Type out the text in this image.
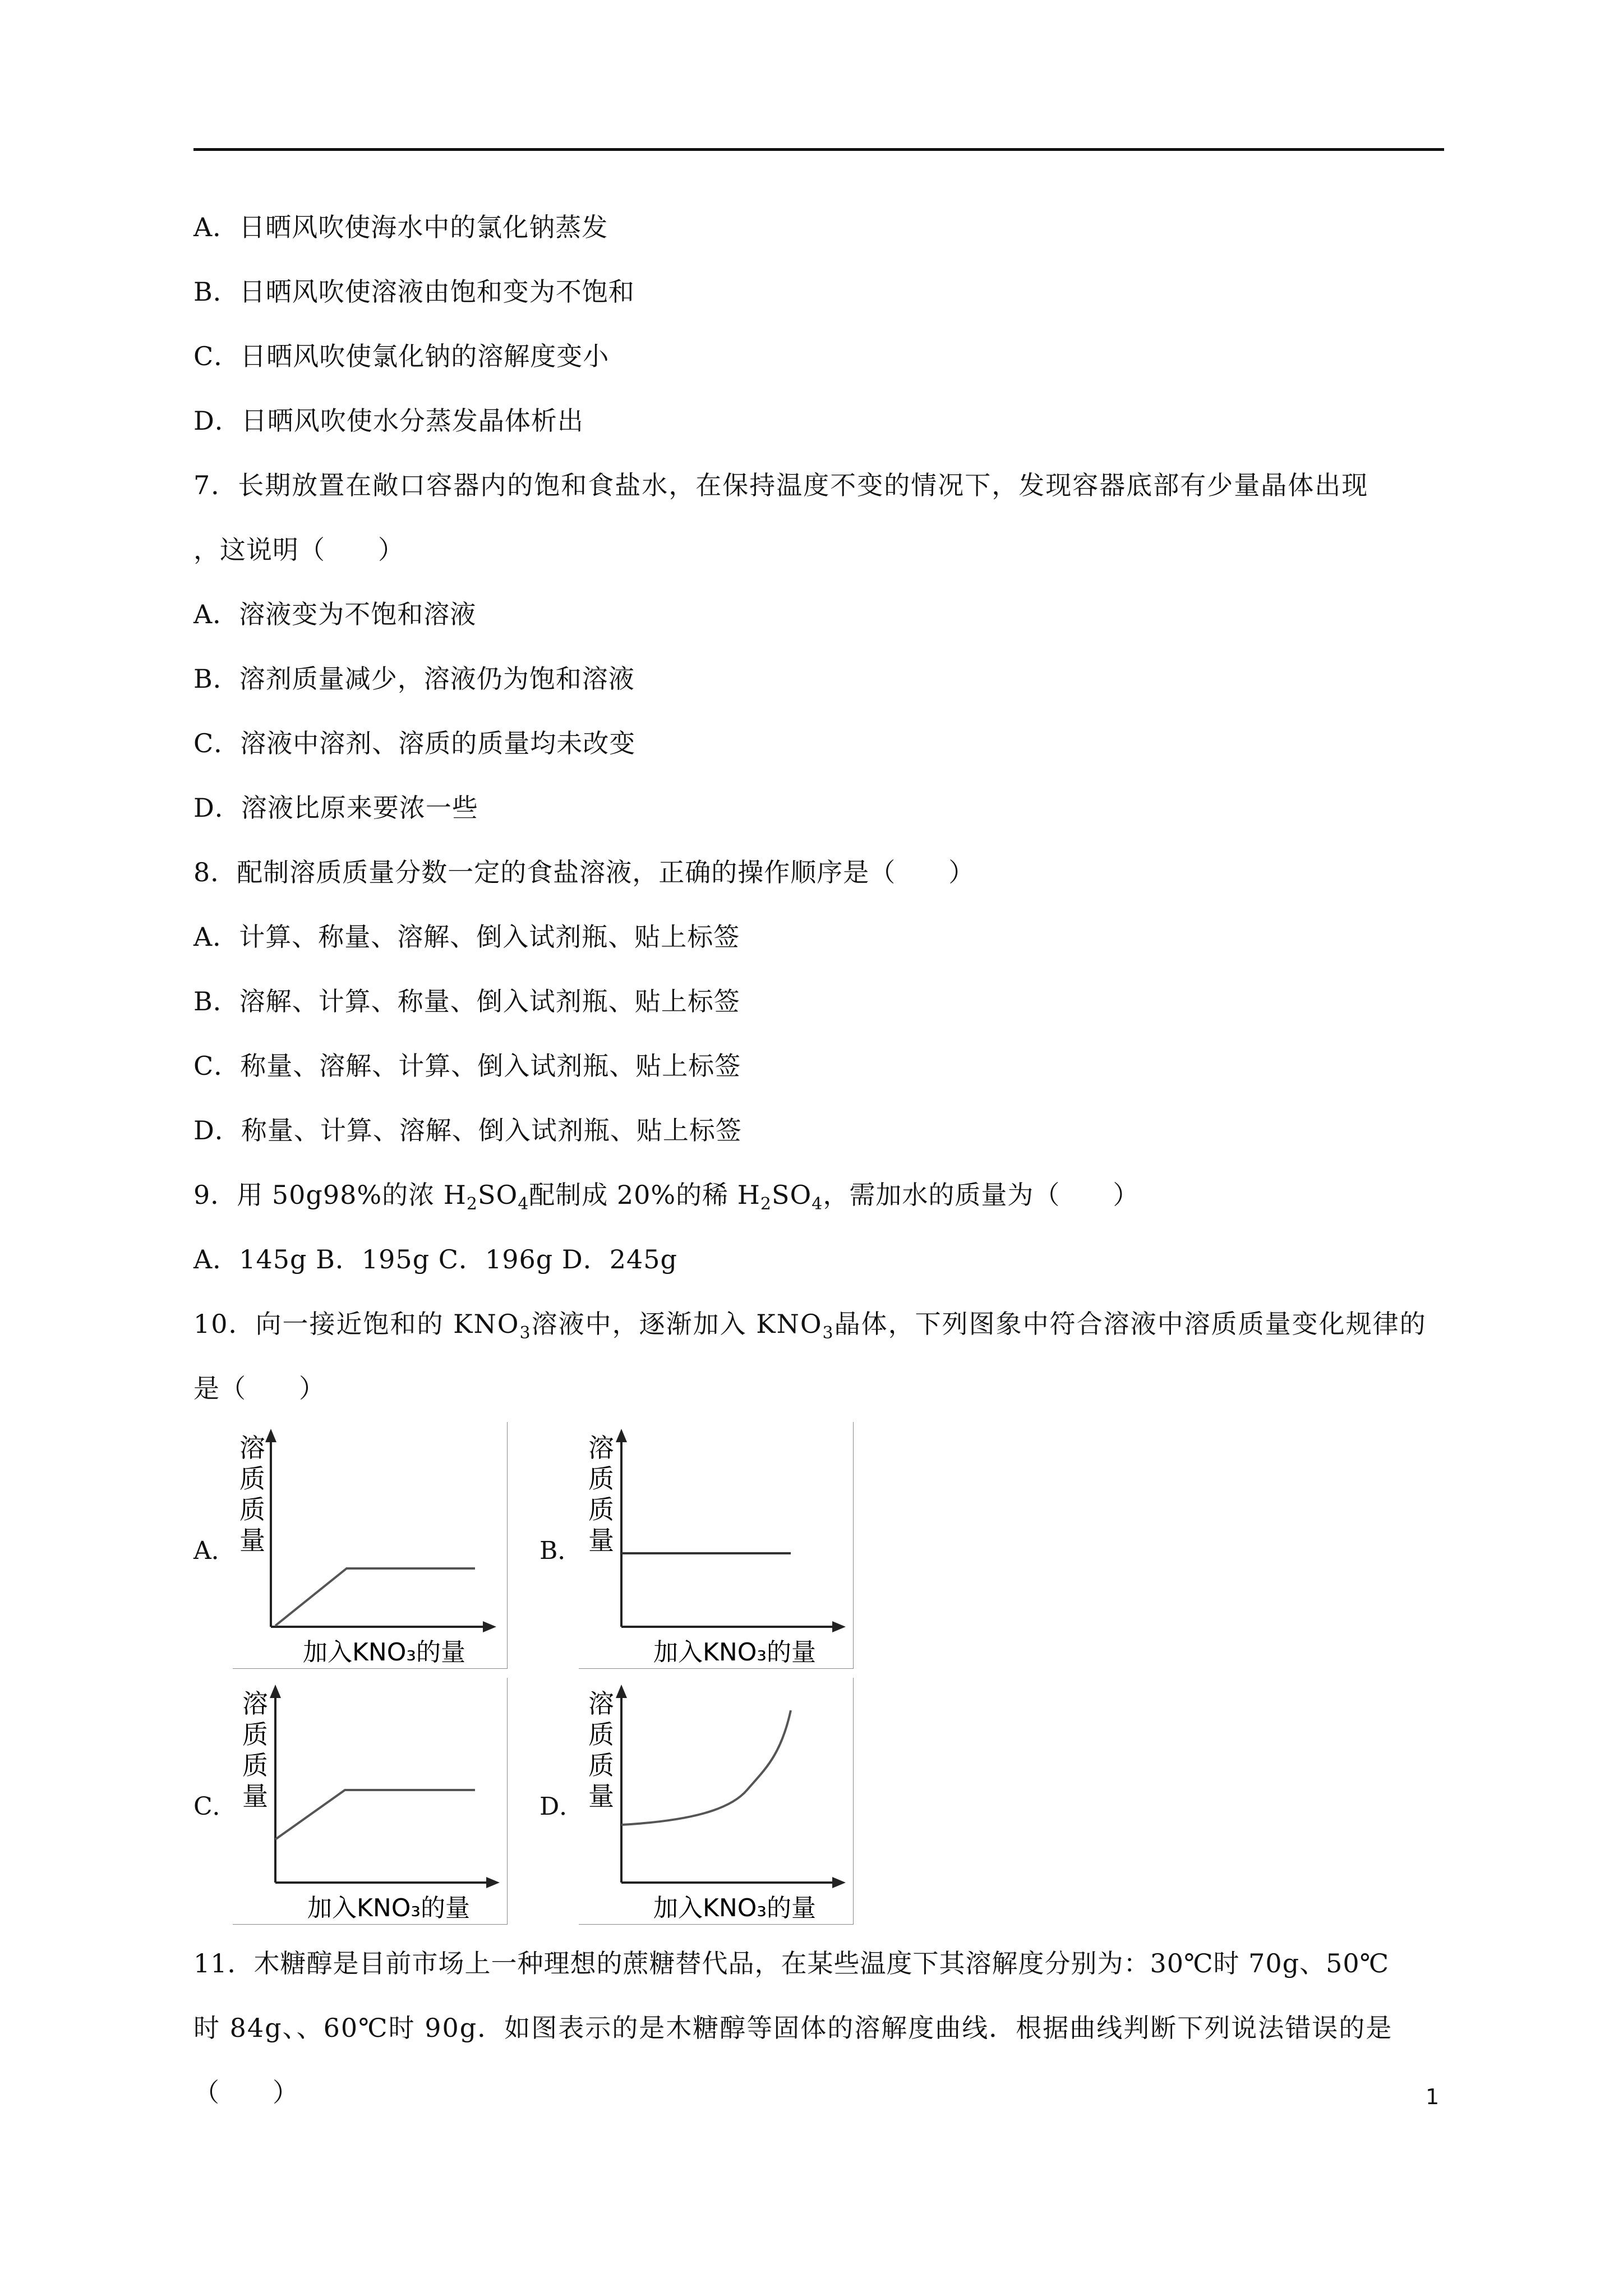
A．日晒风吹使海水中的氯化钠蒸发
B．日晒风吹使溶液由饱和变为不饱和
C．日晒风吹使氯化钠的溶解度变小
D．日晒风吹使水分蒸发晶体析出
7．长期放置在敞口容器内的饱和食盐水，在保持温度不变的情况下，发现容器底部有少量晶体出现
，这说明（　　）
A．溶液变为不饱和溶液
B．溶剂质量减少，溶液仍为饱和溶液
C．溶液中溶剂、溶质的质量均未改变
D．溶液比原来要浓一些
8．配制溶质质量分数一定的食盐溶液，正确的操作顺序是（　　）
A．计算、称量、溶解、倒入试剂瓶、贴上标签
B．溶解、计算、称量、倒入试剂瓶、贴上标签
C．称量、溶解、计算、倒入试剂瓶、贴上标签
D．称量、计算、溶解、倒入试剂瓶、贴上标签
9．用 50g98%的浓 $H_2SO_4$配制成 20%的稀 $H_2SO_4$，需加水的质量为（　　）
A．145g B．195g C．196g D．245g
10．向一接近饱和的 $KNO_3$溶液中，逐渐加入 $KNO_3$晶体，下列图象中符合溶液中溶质质量变化规律的
是（　　）
A．
溶
质
质
量
加入KNO₃的量
B．
溶
质
质
量
加入KNO₃的量
C．
溶
质
质
量
加入KNO₃的量
D．
溶
质
质
量
加入KNO₃的量
11．木糖醇是目前市场上一种理想的蔗糖替代品，在某些温度下其溶解度分别为：30℃时 70g、50℃
时 84g、、60℃时 90g．如图表示的是木糖醇等固体的溶解度曲线．根据曲线判断下列说法错误的是
（　　）	1
